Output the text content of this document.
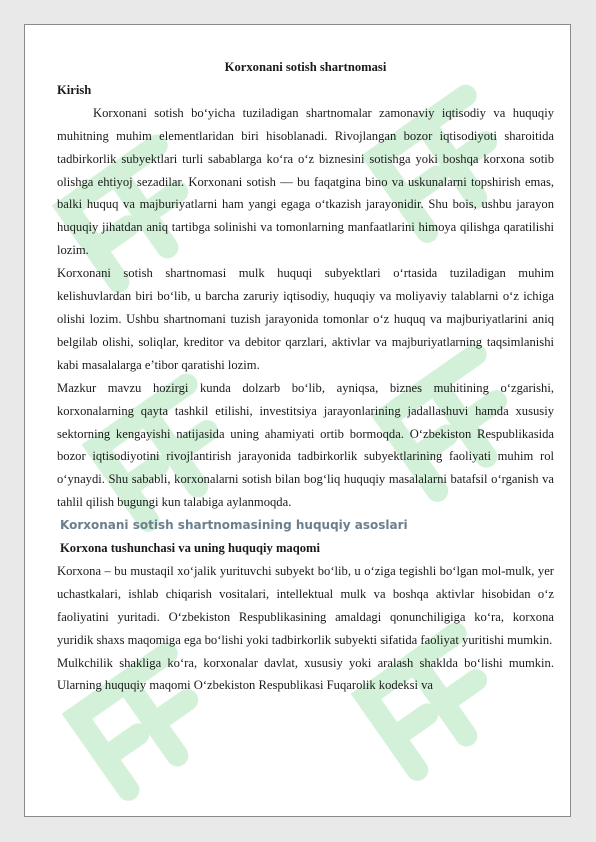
Korxonani sotish shartnomasi

Kirish

Korxonani sotish bo‘yicha tuziladigan shartnomalar zamonaviy iqtisodiy va huquqiy muhitning muhim elementlaridan biri hisoblanadi. Rivojlangan bozor iqtisodiyoti sharoitida tadbirkorlik subyektlari turli sabablarga ko‘ra o‘z biznesini sotishga yoki boshqa korxona sotib olishga ehtiyoj sezadilar. Korxonani sotish — bu faqatgina bino va uskunalarni topshirish emas, balki huquq va majburiyatlarni ham yangi egaga o‘tkazish jarayonidir. Shu bois, ushbu jarayon huquqiy jihatdan aniq tartibga solinishi va tomonlarning manfaatlarini himoya qilishga qaratilishi lozim.

Korxonani sotish shartnomasi mulk huquqi subyektlari o‘rtasida tuziladigan muhim kelishuvlardan biri bo‘lib, u barcha zaruriy iqtisodiy, huquqiy va moliyaviy talablarni o‘z ichiga olishi lozim. Ushbu shartnomani tuzish jarayonida tomonlar o‘z huquq va majburiyatlarini aniq belgilab olishi, soliqlar, kreditor va debitor qarzlari, aktivlar va majburiyatlarning taqsimlanishi kabi masalalarga e’tibor qaratishi lozim.

Mazkur mavzu hozirgi kunda dolzarb bo‘lib, ayniqsa, biznes muhitining o‘zgarishi, korxonalarning qayta tashkil etilishi, investitsiya jarayonlarining jadallashuvi hamda xususiy sektorning kengayishi natijasida uning ahamiyati ortib bormoqda. O‘zbekiston Respublikasida bozor iqtisodiyotini rivojlantirish jarayonida tadbirkorlik subyektlarining faoliyati muhim rol o‘ynaydi. Shu sababli, korxonalarni sotish bilan bog‘liq huquqiy masalalarni batafsil o‘rganish va tahlil qilish bugungi kun talabiga aylanmoqda.

Korxonani sotish shartnomasining huquqiy asoslari

Korxona tushunchasi va uning huquqiy maqomi

Korxona – bu mustaqil xo‘jalik yurituvchi subyekt bo‘lib, u o‘ziga tegishli bo‘lgan mol-mulk, yer uchastkalari, ishlab chiqarish vositalari, intellektual mulk va boshqa aktivlar hisobidan o‘z faoliyatini yuritadi. O‘zbekiston Respublikasining amaldagi qonunchiligiga ko‘ra, korxona yuridik shaxs maqomiga ega bo‘lishi yoki tadbirkorlik subyekti sifatida faoliyat yuritishi mumkin.

Mulkchilik shakliga ko‘ra, korxonalar davlat, xususiy yoki aralash shaklda bo‘lishi mumkin. Ularning huquqiy maqomi O‘zbekiston Respublikasi Fuqarolik kodeksi va
